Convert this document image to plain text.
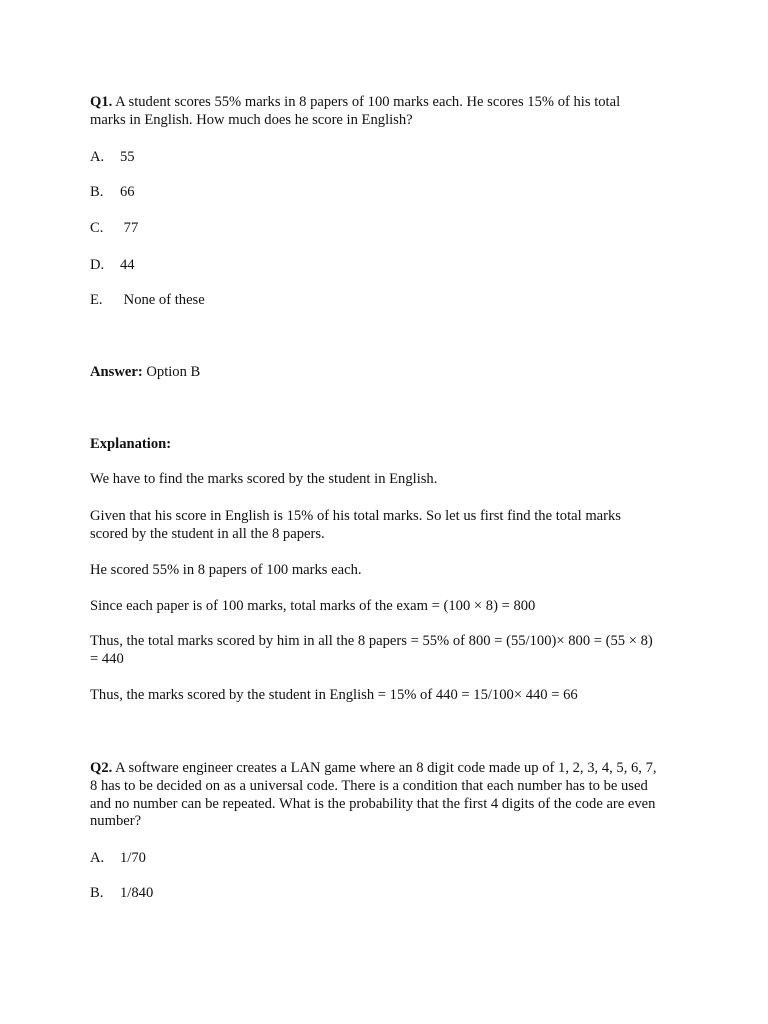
Q1. A student scores 55% marks in 8 papers of 100 marks each. He scores 15% of his total
marks in English. How much does he score in English?
A. 55
B. 66
C. 77
D. 44
E. None of these
Answer: Option B
Explanation:
We have to find the marks scored by the student in English.
Given that his score in English is 15% of his total marks. So let us first find the total marks
scored by the student in all the 8 papers.
He scored 55% in 8 papers of 100 marks each.
Since each paper is of 100 marks, total marks of the exam = (100 × 8) = 800
Thus, the total marks scored by him in all the 8 papers = 55% of 800 = (55/100)× 800 = (55 × 8)
= 440
Thus, the marks scored by the student in English = 15% of 440 = 15/100× 440 = 66
Q2. A software engineer creates a LAN game where an 8 digit code made up of 1, 2, 3, 4, 5, 6, 7,
8 has to be decided on as a universal code. There is a condition that each number has to be used
and no number can be repeated. What is the probability that the first 4 digits of the code are even
number?
A. 1/70
B. 1/840
